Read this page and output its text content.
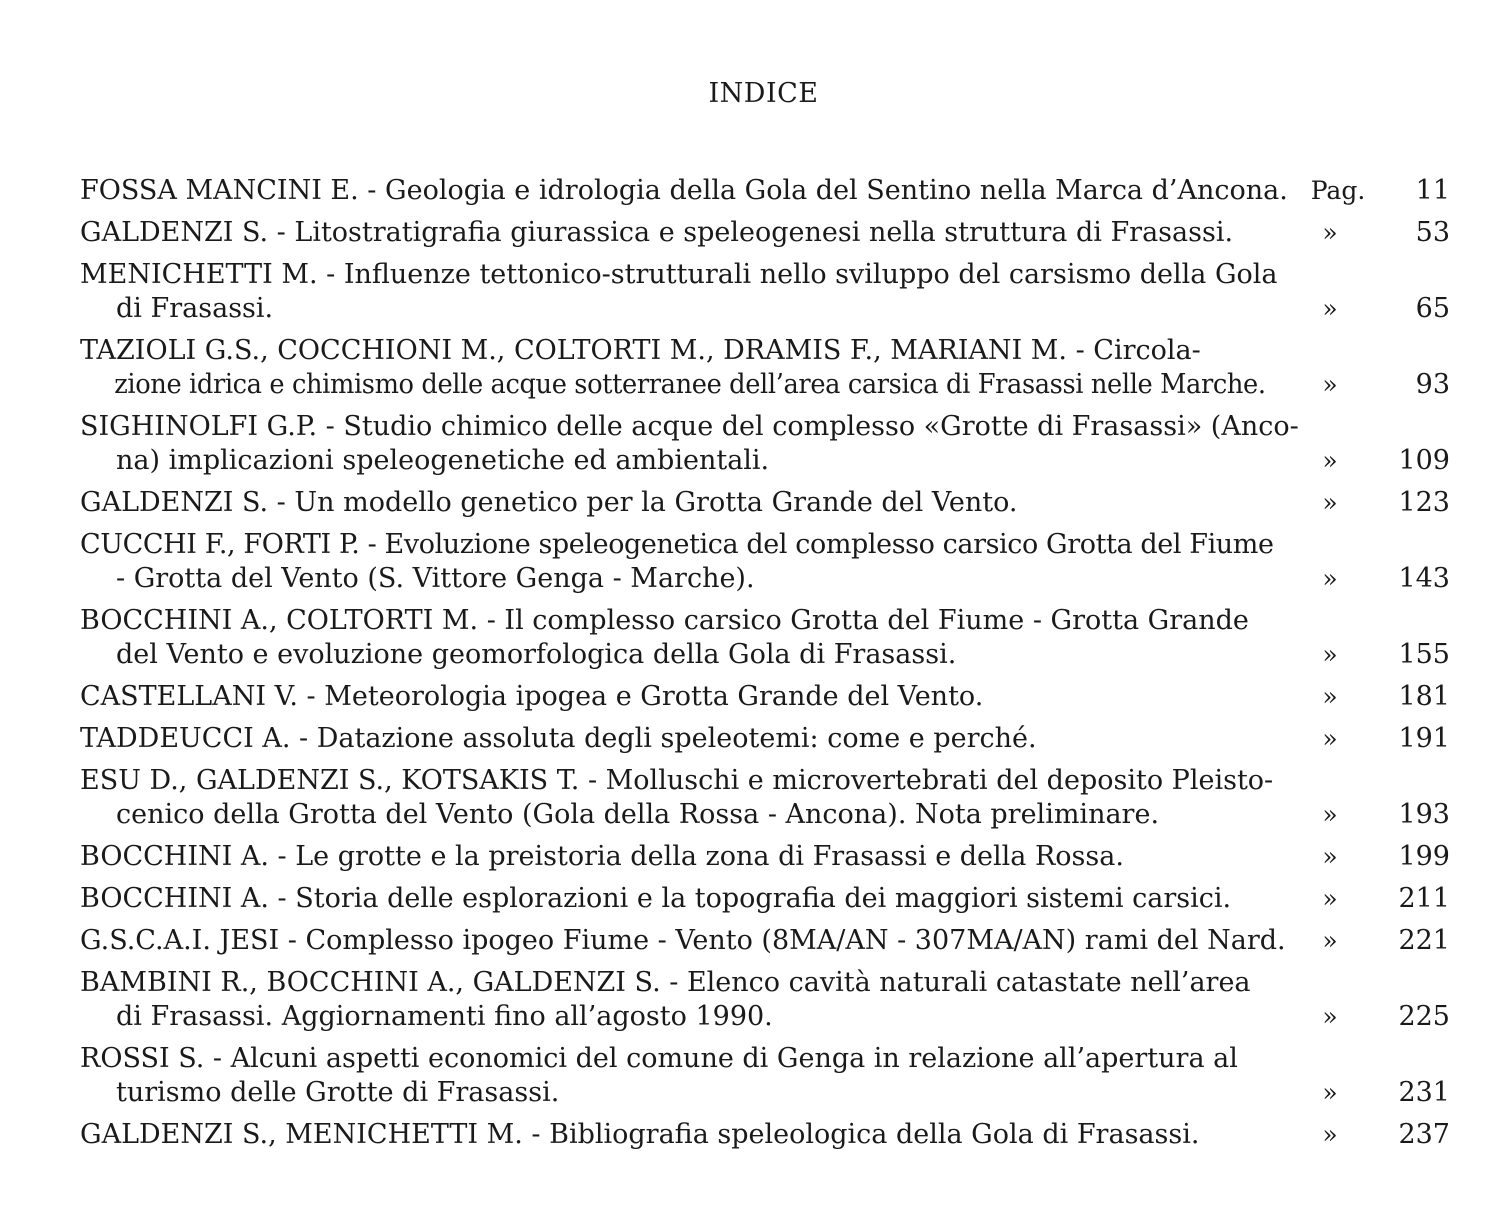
INDICE
FOSSA MANCINI E. - Geologia e idrologia della Gola del Sentino nella Marca d’Ancona. Pag.	11
GALDENZI S. - Litostratigrafia giurassica e speleogenesi nella struttura di Frasassi.	»	53
MENICHETTI M. - Influenze tettonico-strutturali nello sviluppo del carsismo della Gola
di Frasassi.	»	65
TAZIOLI G.S., COCCHIONI M., COLTORTI M., DRAMIS F., MARIANI M. - Circola-
zione idrica e chimismo delle acque sotterranee dell’area carsica di Frasassi nelle Marche.	»	93
SIGHINOLFI G.P. - Studio chimico delle acque del complesso «Grotte di Frasassi» (Anco-
na) implicazioni speleogenetiche ed ambientali.	»	109
GALDENZI S. - Un modello genetico per la Grotta Grande del Vento.	»	123
CUCCHI F., FORTI P. - Evoluzione speleogenetica del complesso carsico Grotta del Fiume
- Grotta del Vento (S. Vittore Genga - Marche).	»	143
BOCCHINI A., COLTORTI M. - Il complesso carsico Grotta del Fiume - Grotta Grande
del Vento e evoluzione geomorfologica della Gola di Frasassi.	»	155
CASTELLANI V. - Meteorologia ipogea e Grotta Grande del Vento.	»	181
TADDEUCCI A. - Datazione assoluta degli speleotemi: come e perché.	»	191
ESU D., GALDENZI S., KOTSAKIS T. - Molluschi e microvertebrati del deposito Pleisto-
cenico della Grotta del Vento (Gola della Rossa - Ancona). Nota preliminare.	»	193
BOCCHINI A. - Le grotte e la preistoria della zona di Frasassi e della Rossa.	»	199
BOCCHINI A. - Storia delle esplorazioni e la topografia dei maggiori sistemi carsici.	»	211
G.S.C.A.I. JESI - Complesso ipogeo Fiume - Vento (8MA/AN - 307MA/AN) rami del Nard.	»	221
BAMBINI R., BOCCHINI A., GALDENZI S. - Elenco cavità naturali catastate nell’area
di Frasassi. Aggiornamenti fino all’agosto 1990.	»	225
ROSSI S. - Alcuni aspetti economici del comune di Genga in relazione all’apertura al
turismo delle Grotte di Frasassi.	»	231
GALDENZI S., MENICHETTI M. - Bibliografia speleologica della Gola di Frasassi.	»	237
